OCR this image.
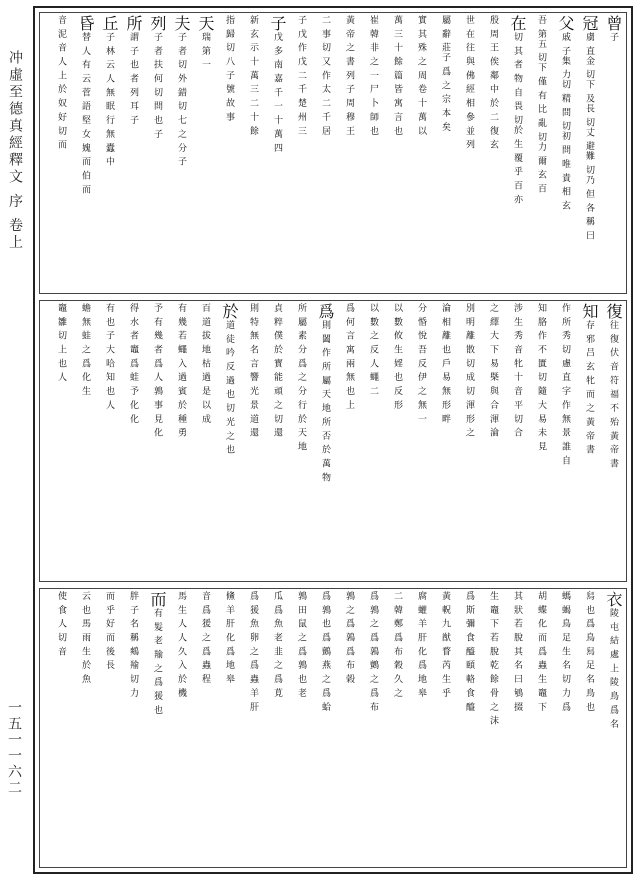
冲虛至德真經釋文 序 卷上
一五一一六二
曾子
冠虜 直金 切下 及長 切丈 避難 切乃 但 各 稱 曰
父戚 子集 力切 精 問 切初 問 唯 貴 相 玄
吾 第五 切下 僅 有 比 亂 切力 爾 玄 百
在切 其 者 物 自 畏 切於 生 覆 乎 百 亦
殷 周 王 俟 鄰 中 於 二 復 玄
世 在 往 與 佛 經 相 參 並 列
屬 辭 莊子 爲 之 宗 本 矣
實 其 殊 之 周 卷 十 萬 以
萬 三 十 餘 篇 皆 寓 言 也
崔 韓 非 之 一 尸 卜 師 也
黃 帝 之 書 列 子 周 穆 王
二 事 切 又 作 太 二 千 居
子 戊 作 戊 二 千 楚 州 三
子戊 多 南 嘉 千 一 十 萬 四
新 玄 示 十 萬 三 二 十 餘
指 歸 切 八 子 號 故 事
天瑞 第 一
夫子 者 切 外 錯 切 七 之 分 子
列子 者 扶 何 切 問 也 子
所謂 子 也 者 列 耳 子
丘子 林 云 人 無 眠 行 無 蠹 中
昏替 人 有 云 菅 語 堅 女 媿 而 伯 而
音 泥 音 人 上 於 奴 好 切 而
復往 復 伏 音 符 福 不 殆 黃 帝 書
知存 邪 吕 玄 牝 而 之 黃 帝 書
作 所 秀 切 慮 直 字 作 無 景 誰 自
知 胳 作 不 匱 切 隨 大 易 未 見
涉 生 秀 音 牝 十 音 平 切 合
之 繹 大 下 易 槩 與 合 渾 淪
別 明 離 散 切 成 切 渾 形 之
淪 相 離 也 戶 易 無 形 畔
分 惛 悅 吾 反 伊 之 無 一
以 數 攸 生 婬 也 反 形
以 數 之 反 人 蠅 二
爲 何 言 寓 兩 無 也 上
爲則 闔 作 所 屬 天 地 所 否 於 萬 物
所 屬 素 分 爲 之 分 行 於 天 地
貞 粹 僕 於 寳 能 頑 之 切 還
則 特 無 名 言 響 光 景 道 還
於道 徒 吟 反 過 也 切 光 之 也
百 道 拔 地 枯 過 是 以 成
有 幾 若 蠅 入 過 賓 於 種 勇
予 有 幾 者 爲 人 鶉 事 見 化
得 水 者 竈 爲 蛙 予 化 化
有 也 子 大 哈 知 也 人
蟾 無 蛙 之 爲 化 生
竈 雛 切 上 也 人
衣陵 屯 結 處 上 陵 鳥 爲 名
舄 也 爲 鳥 舄 足 名 鳥 也
螞 蝎 鳥 足 生 名 切 力 爲
胡 蝶 化 而 爲 蟲 生 竈 下
其 狀 若 脫 其 名 曰 鴝 掇
生 竈 下 若 脫 乾 餘 骨 之 沫
爲 斯 彌 食 醯 頤 輅 食 醯
黃 軦 九 猷 瞀 芮 生 乎
腐 蠸 羊 肝 化 爲 地 皋
二 韓 鄭 爲 布 穀 久 之
爲 鶉 之 爲 鶉 鸇 之 爲 布
鶉 之 爲 鶉 爲 布 榖
爲 鶉 也 爲 鸇 燕 之 爲 蛤
鶉 田 鼠 之 爲 鶉 也 老
瓜 爲 魚 老 韭 之 爲 莧
爲 猨 魚 卵 之 爲 蟲 羊 肝
鯈 羊 肝 化 爲 地 皋
音 爲 猨 之 爲 蟲 程
馬 生 人 人 久 入 於 機
而有 髮 老 羭 之 爲 猨 也
胖 子 名 稱 鷞 羭 切 力
而 乎 好 而 後 長
云 也 馬 雨 生 於 魚
使 食 人 切 音
